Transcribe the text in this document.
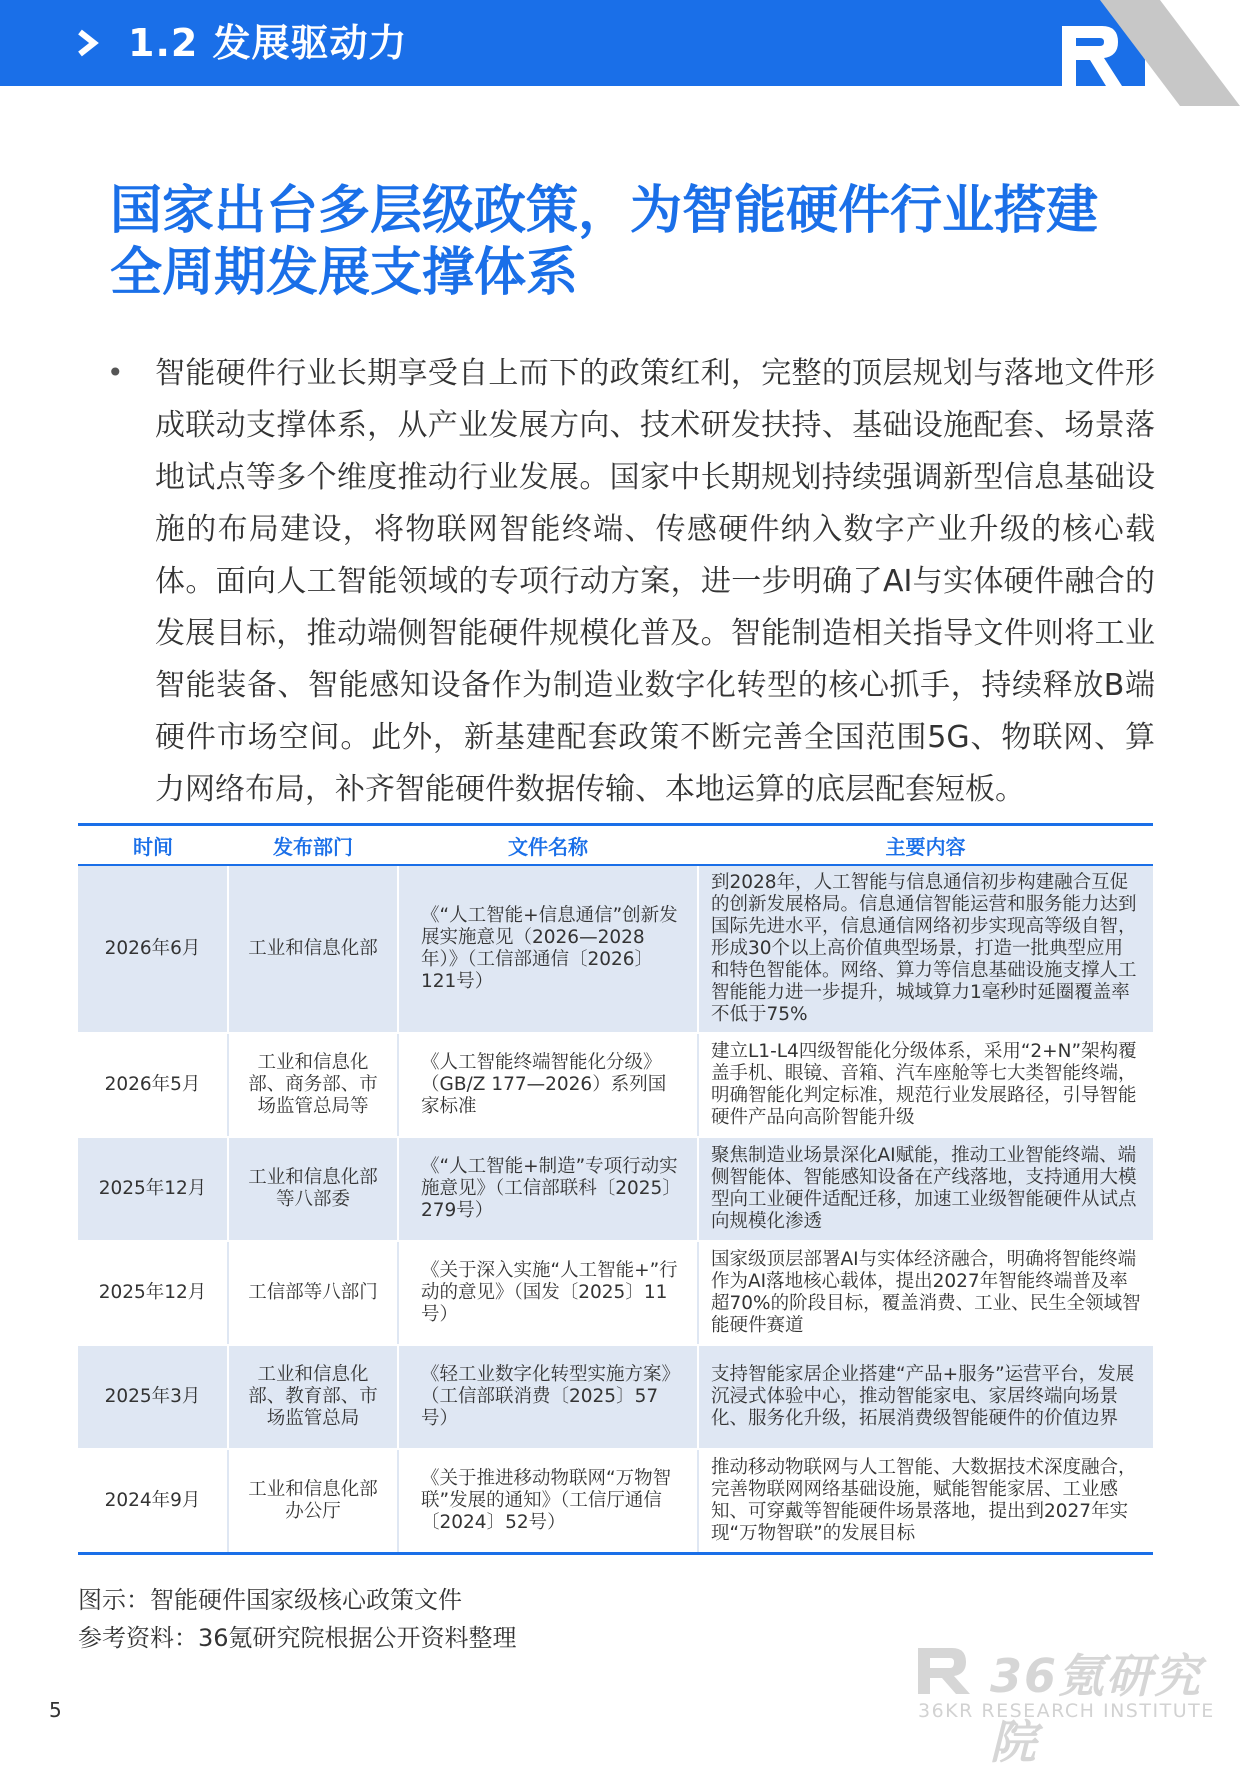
1.2 发展驱动力
国家出台多层级政策，为智能硬件行业搭建全周期发展支撑体系
• 智能硬件行业长期享受自上而下的政策红利，完整的顶层规划与落地文件形成联动支撑体系，从产业发展方向、技术研发扶持、基础设施配套、场景落地试点等多个维度推动行业发展。国家中长期规划持续强调新型信息基础设施的布局建设，将物联网智能终端、传感硬件纳入数字产业升级的核心载体。面向人工智能领域的专项行动方案，进一步明确了AI与实体硬件融合的发展目标，推动端侧智能硬件规模化普及。智能制造相关指导文件则将工业智能装备、智能感知设备作为制造业数字化转型的核心抓手，持续释放B端硬件市场空间。此外，新基建配套政策不断完善全国范围5G、物联网、算力网络布局，补齐智能硬件数据传输、本地运算的底层配套短板。

时间	发布部门	文件名称	主要内容
2026年6月	工业和信息化部	《“人工智能+信息通信”创新发展实施意见（2026—2028年）》（工信部通信〔2026〕121号）	到2028年，人工智能与信息通信初步构建融合互促的创新发展格局。信息通信智能运营和服务能力达到国际先进水平，信息通信网络初步实现高等级自智，形成30个以上高价值典型场景，打造一批典型应用和特色智能体。网络、算力等信息基础设施支撑人工智能能力进一步提升，城域算力1毫秒时延圈覆盖率不低于75%
2026年5月	工业和信息化部、商务部、市场监管总局等	《人工智能终端智能化分级》（GB/Z 177—2026）系列国家标准	建立L1-L4四级智能化分级体系，采用“2+N”架构覆盖手机、眼镜、音箱、汽车座舱等七大类智能终端，明确智能化判定标准，规范行业发展路径，引导智能硬件产品向高阶智能升级
2025年12月	工业和信息化部等八部委	《“人工智能+制造”专项行动实施意见》（工信部联科〔2025〕279号）	聚焦制造业场景深化AI赋能，推动工业智能终端、端侧智能体、智能感知设备在产线落地，支持通用大模型向工业硬件适配迁移，加速工业级智能硬件从试点向规模化渗透
2025年12月	工信部等八部门	《关于深入实施“人工智能+”行动的意见》（国发〔2025〕11号）	国家级顶层部署AI与实体经济融合，明确将智能终端作为AI落地核心载体，提出2027年智能终端普及率超70%的阶段目标，覆盖消费、工业、民生全领域智能硬件赛道
2025年3月	工业和信息化部、教育部、市场监管总局	《轻工业数字化转型实施方案》（工信部联消费〔2025〕57号）	支持智能家居企业搭建“产品+服务”运营平台，发展沉浸式体验中心，推动智能家电、家居终端向场景化、服务化升级，拓展消费级智能硬件的价值边界
2024年9月	工业和信息化部办公厅	《关于推进移动物联网“万物智联”发展的通知》（工信厅通信〔2024〕52号）	推动移动物联网与人工智能、大数据技术深度融合，完善物联网网络基础设施，赋能智能家居、工业感知、可穿戴等智能硬件场景落地，提出到2027年实现“万物智联”的发展目标
图示：智能硬件国家级核心政策文件
参考资料：36氪研究院根据公开资料整理
36氪研究院
36KR RESEARCH INSTITUTE
5
